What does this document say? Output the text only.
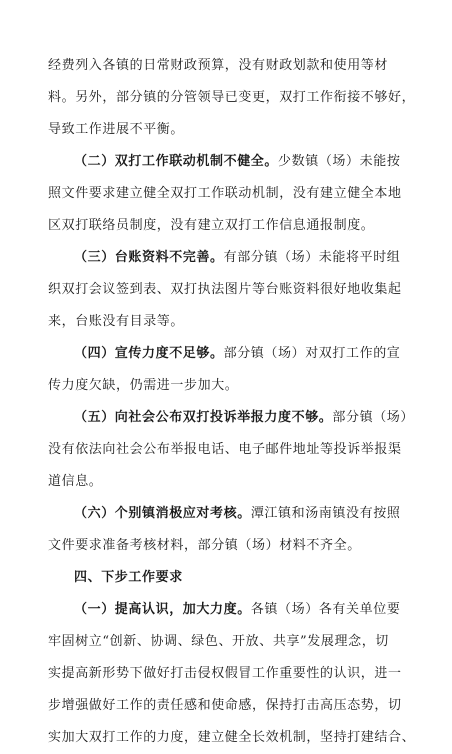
经费列入各镇的日常财政预算，没有财政划款和使用等材
料。另外，部分镇的分管领导已变更，双打工作衔接不够好，
导致工作进展不平衡。
（二）双打工作联动机制不健全。少数镇（场）未能按
照文件要求建立健全双打工作联动机制，没有建立健全本地
区双打联络员制度，没有建立双打工作信息通报制度。
（三）台账资料不完善。有部分镇（场）未能将平时组
织双打会议签到表、双打执法图片等台账资料很好地收集起
来，台账没有目录等。
（四）宣传力度不足够。部分镇（场）对双打工作的宣
传力度欠缺，仍需进一步加大。
（五）向社会公布双打投诉举报力度不够。部分镇（场）
没有依法向社会公布举报电话、电子邮件地址等投诉举报渠
道信息。
（六）个别镇消极应对考核。潭江镇和汤南镇没有按照
文件要求准备考核材料，部分镇（场）材料不齐全。
四、下步工作要求
（一）提高认识，加大力度。各镇（场）各有关单位要
牢固树立“创新、协调、绿色、开放、共享”发展理念，切
实提高新形势下做好打击侵权假冒工作重要性的认识，进一
步增强做好工作的责任感和使命感，保持打击高压态势，切
实加大双打工作的力度，建立健全长效机制，坚持打建结合、
